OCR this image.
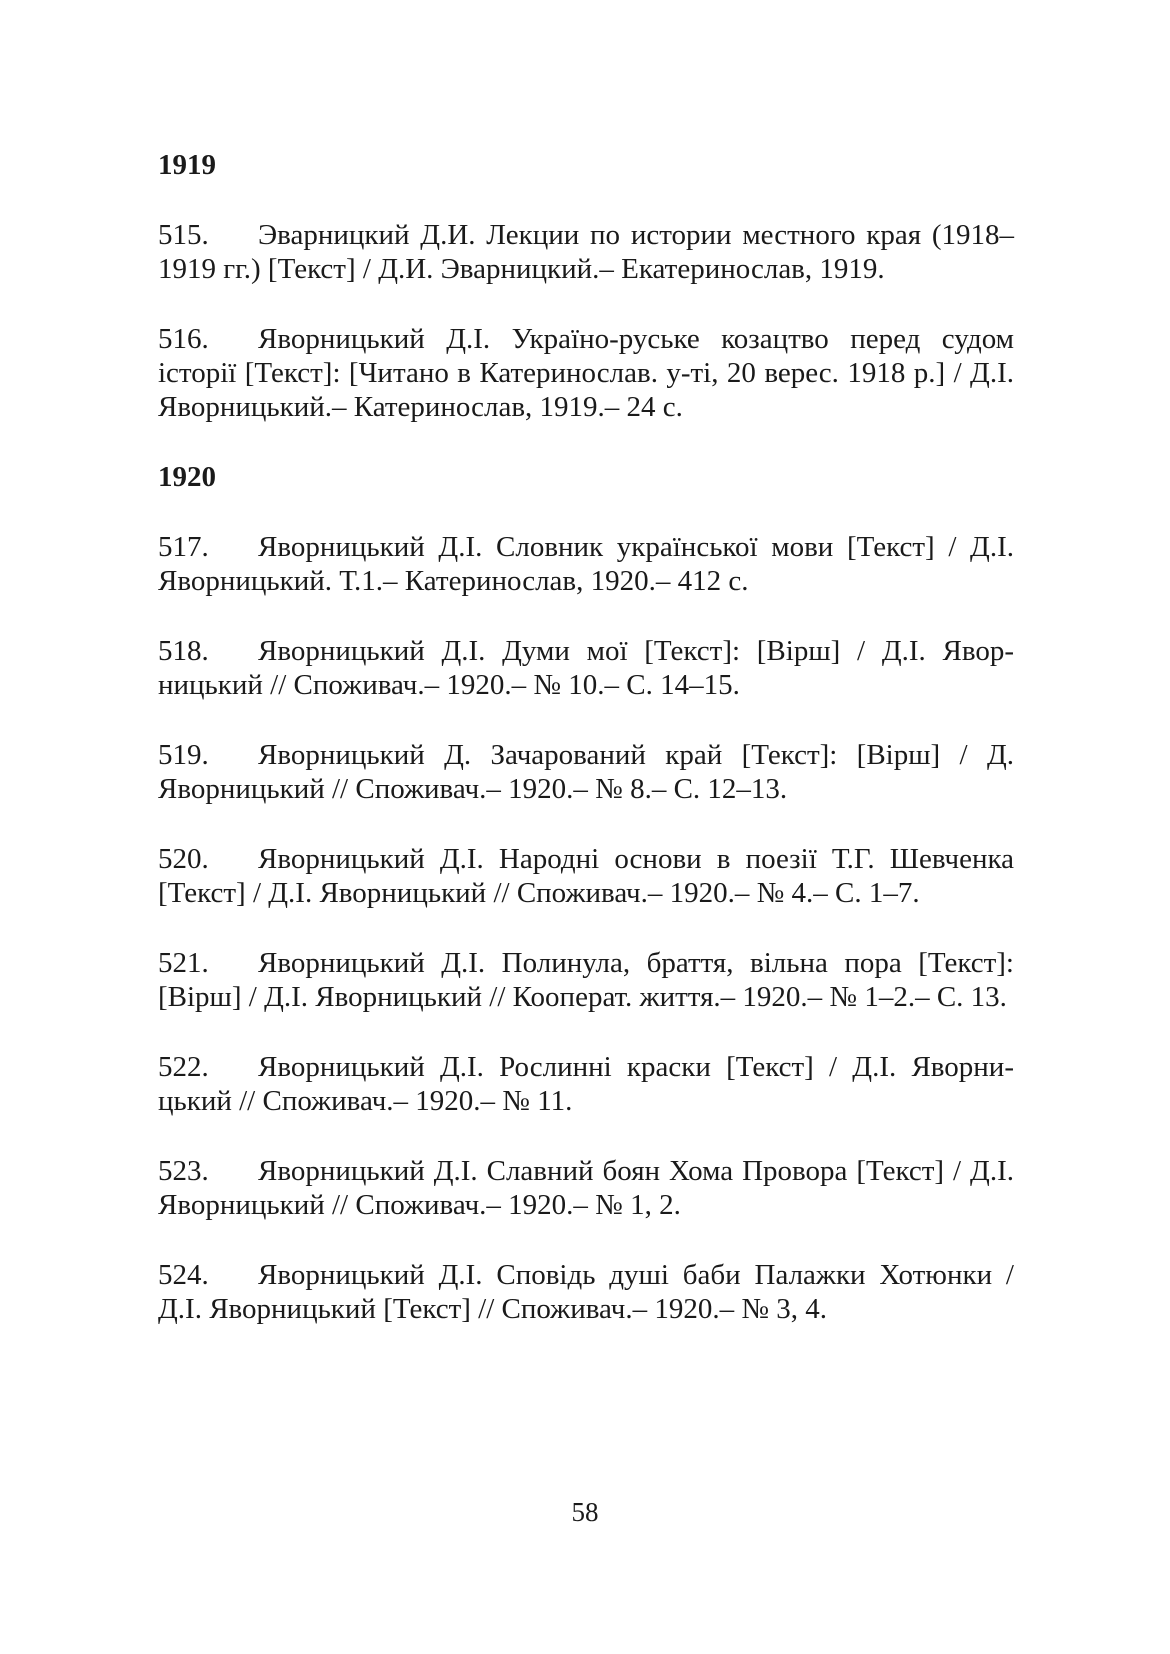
1919

515. Эварницкий Д.И. Лекции по истории местного края (1918–1919 гг.) [Текст] / Д.И. Эварницкий.– Екатеринослав, 1919.

516. Яворницький Д.І. Україно-руське козацтво перед судом історії [Текст]: [Читано в Катеринослав. у-ті, 20 верес. 1918 р.] / Д.І. Яворницький.– Катеринослав, 1919.– 24 с.

1920

517. Яворницький Д.І. Словник української мови [Текст] / Д.І. Яворницький. Т.1.– Катеринослав, 1920.– 412 с.

518. Яворницький Д.І. Думи мої [Текст]: [Вірш] / Д.І. Яворницький // Споживач.– 1920.– № 10.– С. 14–15.

519. Яворницький Д. Зачарований край [Текст]: [Вірш] / Д. Яворницький // Споживач.– 1920.– № 8.– С. 12–13.

520. Яворницький Д.І. Народні основи в поезії Т.Г. Шевченка [Текст] / Д.І. Яворницький // Споживач.– 1920.– № 4.– С. 1–7.

521. Яворницький Д.І. Полинула, браття, вільна пора [Текст]: [Вірш] / Д.І. Яворницький // Кооперат. життя.– 1920.– № 1–2.– С. 13.

522. Яворницький Д.І. Рослинні краски [Текст] / Д.І. Яворницький // Споживач.– 1920.– № 11.

523. Яворницький Д.І. Славний боян Хома Провора [Текст] / Д.І. Яворницький // Споживач.– 1920.– № 1, 2.

524. Яворницький Д.І. Сповідь душі баби Палажки Хотюнки / Д.І. Яворницький [Текст] // Споживач.– 1920.– № 3, 4.

58
